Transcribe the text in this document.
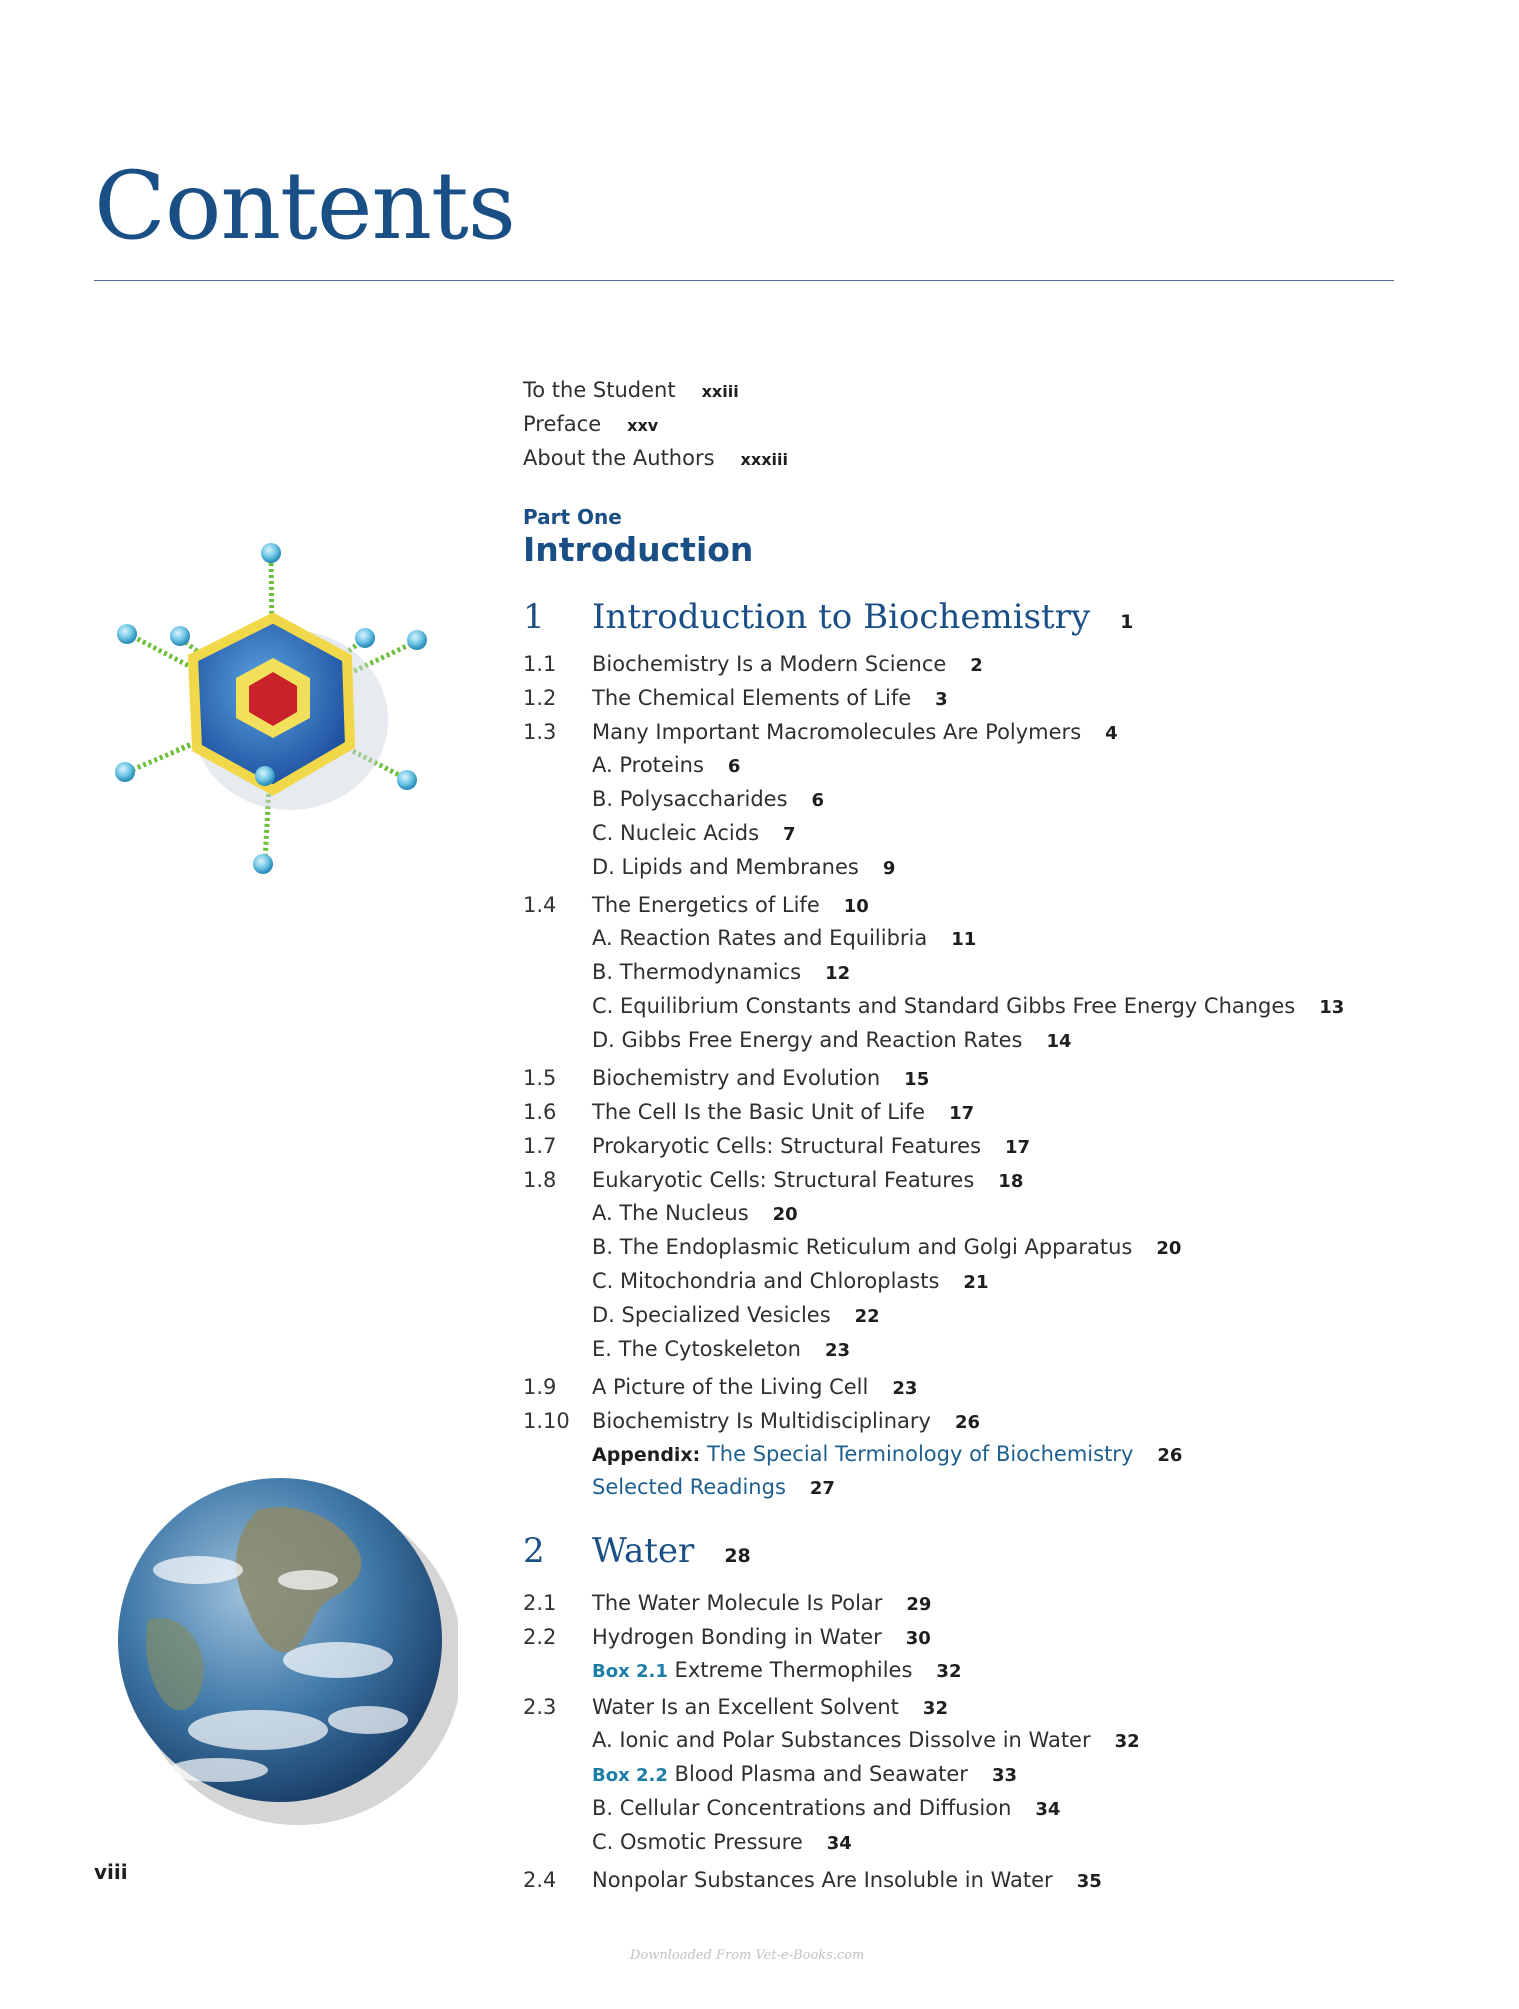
Contents
To the Student xxiii
Preface xxv
About the Authors xxxiii
Part One
Introduction
1 Introduction to Biochemistry 1
1.1 Biochemistry Is a Modern Science 2
1.2 The Chemical Elements of Life 3
1.3 Many Important Macromolecules Are Polymers 4
A. Proteins 6
B. Polysaccharides 6
C. Nucleic Acids 7
D. Lipids and Membranes 9
1.4 The Energetics of Life 10
A. Reaction Rates and Equilibria 11
B. Thermodynamics 12
C. Equilibrium Constants and Standard Gibbs Free Energy Changes 13
D. Gibbs Free Energy and Reaction Rates 14
1.5 Biochemistry and Evolution 15
1.6 The Cell Is the Basic Unit of Life 17
1.7 Prokaryotic Cells: Structural Features 17
1.8 Eukaryotic Cells: Structural Features 18
A. The Nucleus 20
B. The Endoplasmic Reticulum and Golgi Apparatus 20
C. Mitochondria and Chloroplasts 21
D. Specialized Vesicles 22
E. The Cytoskeleton 23
1.9 A Picture of the Living Cell 23
1.10 Biochemistry Is Multidisciplinary 26
Appendix: The Special Terminology of Biochemistry 26
Selected Readings 27
2 Water 28
2.1 The Water Molecule Is Polar 29
2.2 Hydrogen Bonding in Water 30
Box 2.1 Extreme Thermophiles 32
2.3 Water Is an Excellent Solvent 32
A. Ionic and Polar Substances Dissolve in Water 32
Box 2.2 Blood Plasma and Seawater 33
B. Cellular Concentrations and Diffusion 34
C. Osmotic Pressure 34
2.4 Nonpolar Substances Are Insoluble in Water 35
viii
Downloaded From Vet-e-Books.com
